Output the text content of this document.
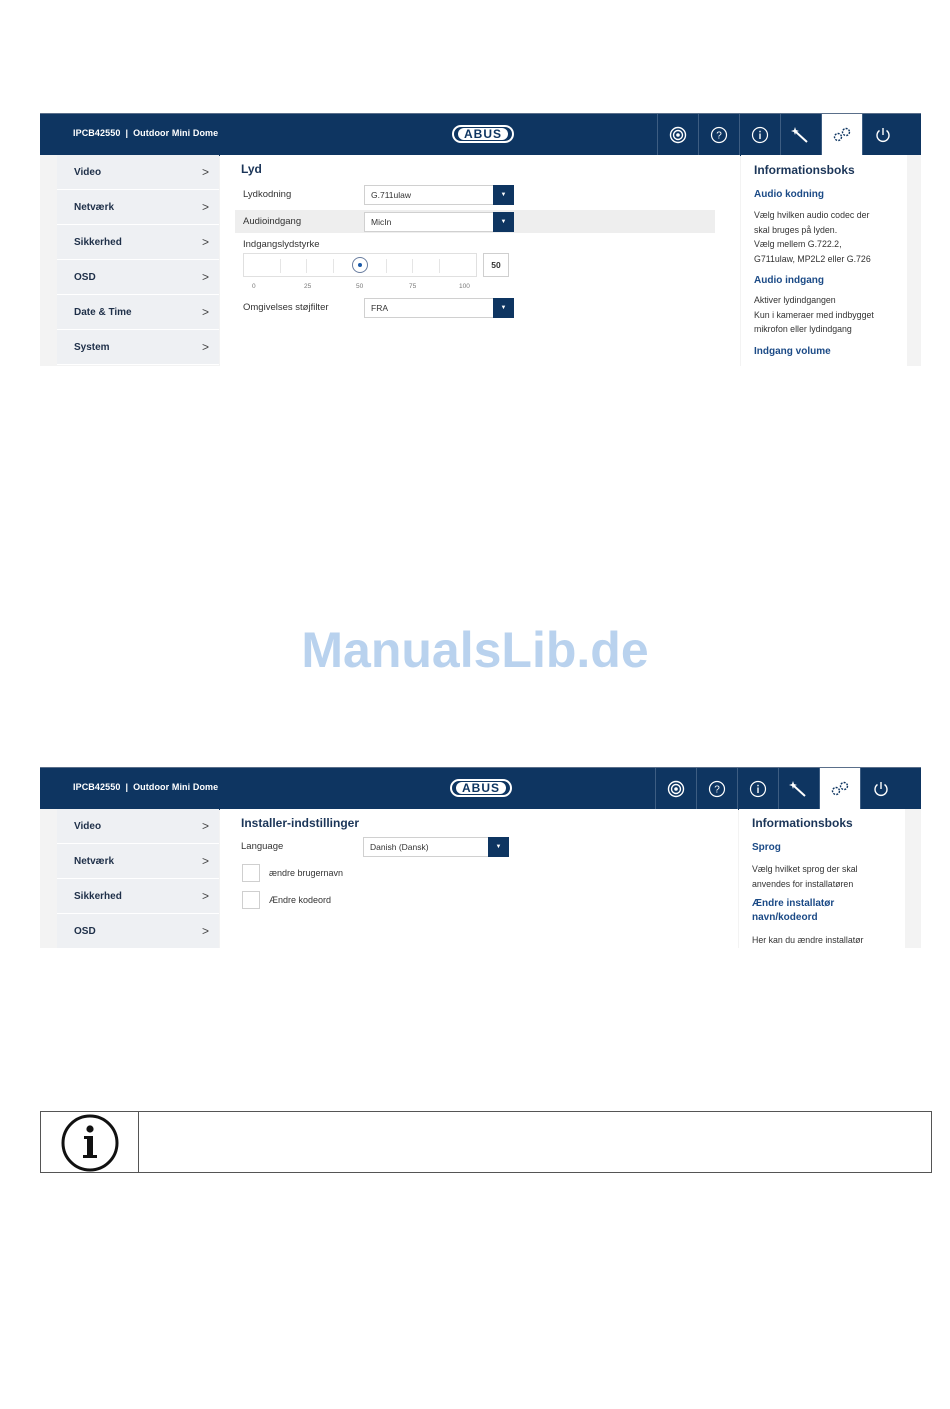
IPCB42550 | Outdoor Mini Dome	ABUS	?
Video	>
Netværk	>
Sikkerhed	>
OSD	>
Date & Time	>
System	>
Lyd
Lydkodning	G.711ulaw	▼
Audioindgang	MicIn	▼
Indgangslydstyrke
50
0	25	50	75	100
Omgivelses støjfilter	FRA	▼
Informationsboks
Audio kodning
Vælg hvilken audio codec der
skal bruges på lyden.
Vælg mellem G.722.2,
G711ulaw, MP2L2 eller G.726
Audio indgang
Aktiver lydindgangen
Kun i kameraer med indbygget
mikrofon eller lydindgang
Indgang volume
ManualsLib.de
IPCB42550 | Outdoor Mini Dome	ABUS	?
Video	>
Netværk	>
Sikkerhed	>
OSD	>
Installer-indstillinger
Language	Danish (Dansk)	▼
ændre brugernavn
Ændre kodeord
Informationsboks
Sprog
Vælg hvilket sprog der skal
anvendes for installatøren
Ændre installatør
navn/kodeord
Her kan du ændre installatør
